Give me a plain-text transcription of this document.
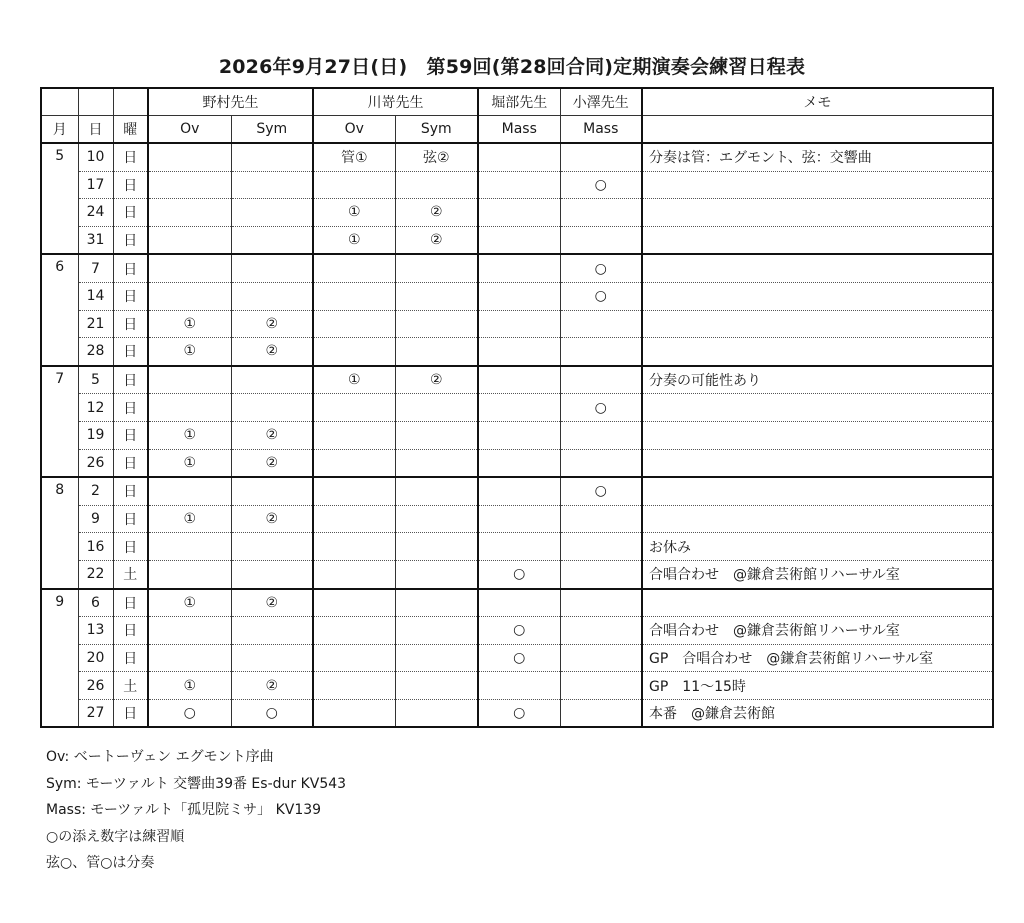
2026年9月27日(日)　第59回(第28回合同)定期演奏会練習日程表
			野村先生		川嵜先生		堀部先生	小澤先生	メモ
月	日	曜	Ov	Sym	Ov	Sym	Mass	Mass	
5	10	日			管①	弦②			分奏は管：エグモント、弦：交響曲
	17	日						○	
	24	日			①	②			
	31	日			①	②			
6	7	日						○	
	14	日						○	
	21	日	①	②					
	28	日	①	②					
7	5	日			①	②			分奏の可能性あり
	12	日						○	
	19	日	①	②					
	26	日	①	②					
8	2	日						○	
	9	日	①	②					
	16	日							お休み
	22	土					○		合唱合わせ　@鎌倉芸術館リハーサル室
9	6	日	①	②					
	13	日					○		合唱合わせ　@鎌倉芸術館リハーサル室
	20	日					○		GP　合唱合わせ　@鎌倉芸術館リハーサル室
	26	土	①	②					GP　11～15時
	27	日	○	○			○		本番　@鎌倉芸術館
Ov: ベートーヴェン エグモント序曲
Sym: モーツァルト 交響曲39番 Es-dur KV543
Mass: モーツァルト「孤児院ミサ」 KV139
○の添え数字は練習順
弦○、管○は分奏
